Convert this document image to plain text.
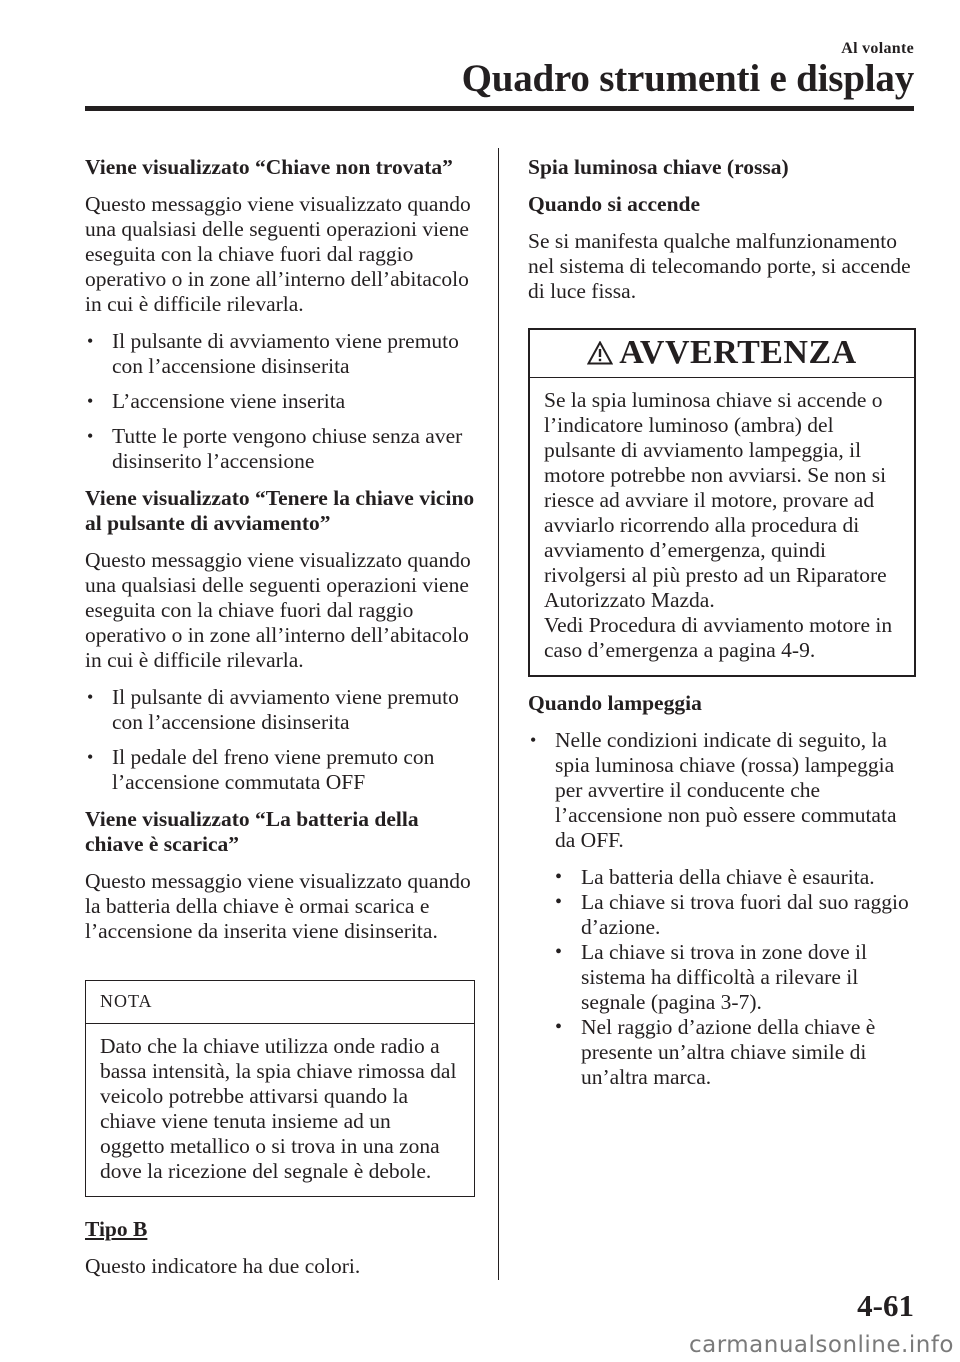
Al volante
Quadro strumenti e display
Viene visualizzato “Chiave non trovata”
Questo messaggio viene visualizzato quando una qualsiasi delle seguenti operazioni viene eseguita con la chiave fuori dal raggio operativo o in zone all’interno dell’abitacolo in cui è difficile rilevarla.
• Il pulsante di avviamento viene premuto con l’accensione disinserita
• L’accensione viene inserita
• Tutte le porte vengono chiuse senza aver disinserito l’accensione
Viene visualizzato “Tenere la chiave vicino al pulsante di avviamento”
Questo messaggio viene visualizzato quando una qualsiasi delle seguenti operazioni viene eseguita con la chiave fuori dal raggio operativo o in zone all’interno dell’abitacolo in cui è difficile rilevarla.
• Il pulsante di avviamento viene premuto con l’accensione disinserita
• Il pedale del freno viene premuto con l’accensione commutata OFF
Viene visualizzato “La batteria della chiave è scarica”
Questo messaggio viene visualizzato quando la batteria della chiave è ormai scarica e l’accensione da inserita viene disinserita.
NOTA
Dato che la chiave utilizza onde radio a bassa intensità, la spia chiave rimossa dal veicolo potrebbe attivarsi quando la chiave viene tenuta insieme ad un oggetto metallico o si trova in una zona dove la ricezione del segnale è debole.
Tipo B
Questo indicatore ha due colori.
Spia luminosa chiave (rossa)
Quando si accende
Se si manifesta qualche malfunzionamento nel sistema di telecomando porte, si accende di luce fissa.
AVVERTENZA
Se la spia luminosa chiave si accende o l’indicatore luminoso (ambra) del pulsante di avviamento lampeggia, il motore potrebbe non avviarsi. Se non si riesce ad avviare il motore, provare ad avviarlo ricorrendo alla procedura di avviamento d’emergenza, quindi rivolgersi al più presto ad un Riparatore Autorizzato Mazda.
Vedi Procedura di avviamento motore in caso d’emergenza a pagina 4-9.
Quando lampeggia
• Nelle condizioni indicate di seguito, la spia luminosa chiave (rossa) lampeggia per avvertire il conducente che l’accensione non può essere commutata da OFF.
• La batteria della chiave è esaurita.
• La chiave si trova fuori dal suo raggio d’azione.
• La chiave si trova in zone dove il sistema ha difficoltà a rilevare il segnale (pagina 3-7).
• Nel raggio d’azione della chiave è presente un’altra chiave simile di un’altra marca.
4-61
carmanualsonline.info
